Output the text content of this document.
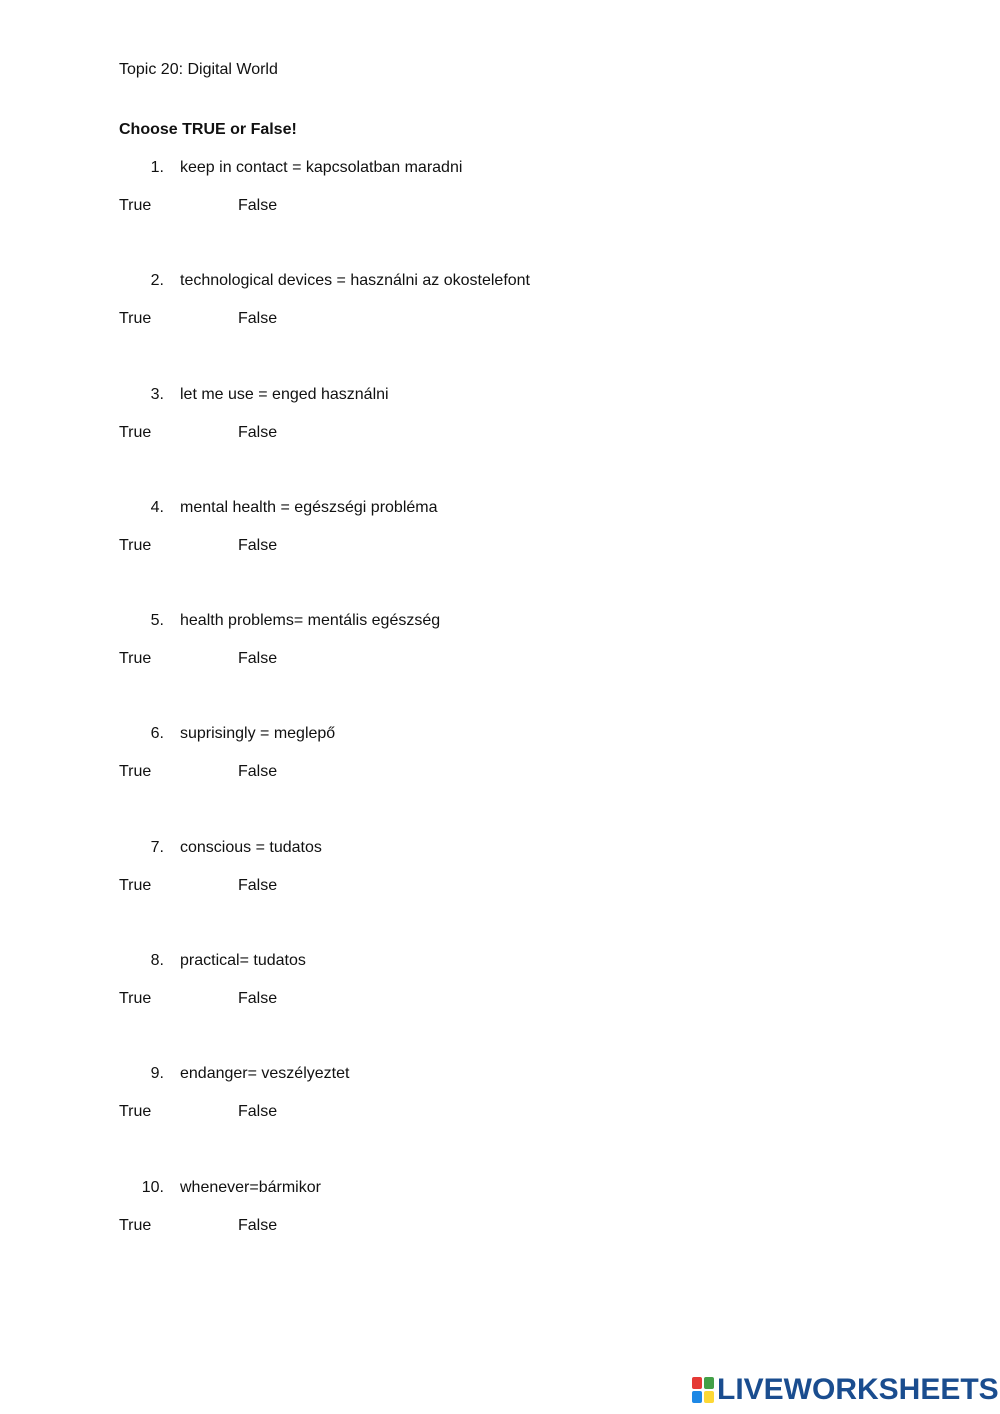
Topic 20: Digital World
Choose TRUE or False!
1. keep in contact = kapcsolatban maradni
True	False
2. technological devices = használni az okostelefont
True	False
3. let me use = enged használni
True	False
4. mental health = egészségi probléma
True	False
5. health problems= mentális egészség
True	False
6. suprisingly = meglepő
True	False
7. conscious = tudatos
True	False
8. practical= tudatos
True	False
9. endanger= veszélyeztet
True	False
10. whenever=bármikor
True	False
LIVEWORKSHEETS
